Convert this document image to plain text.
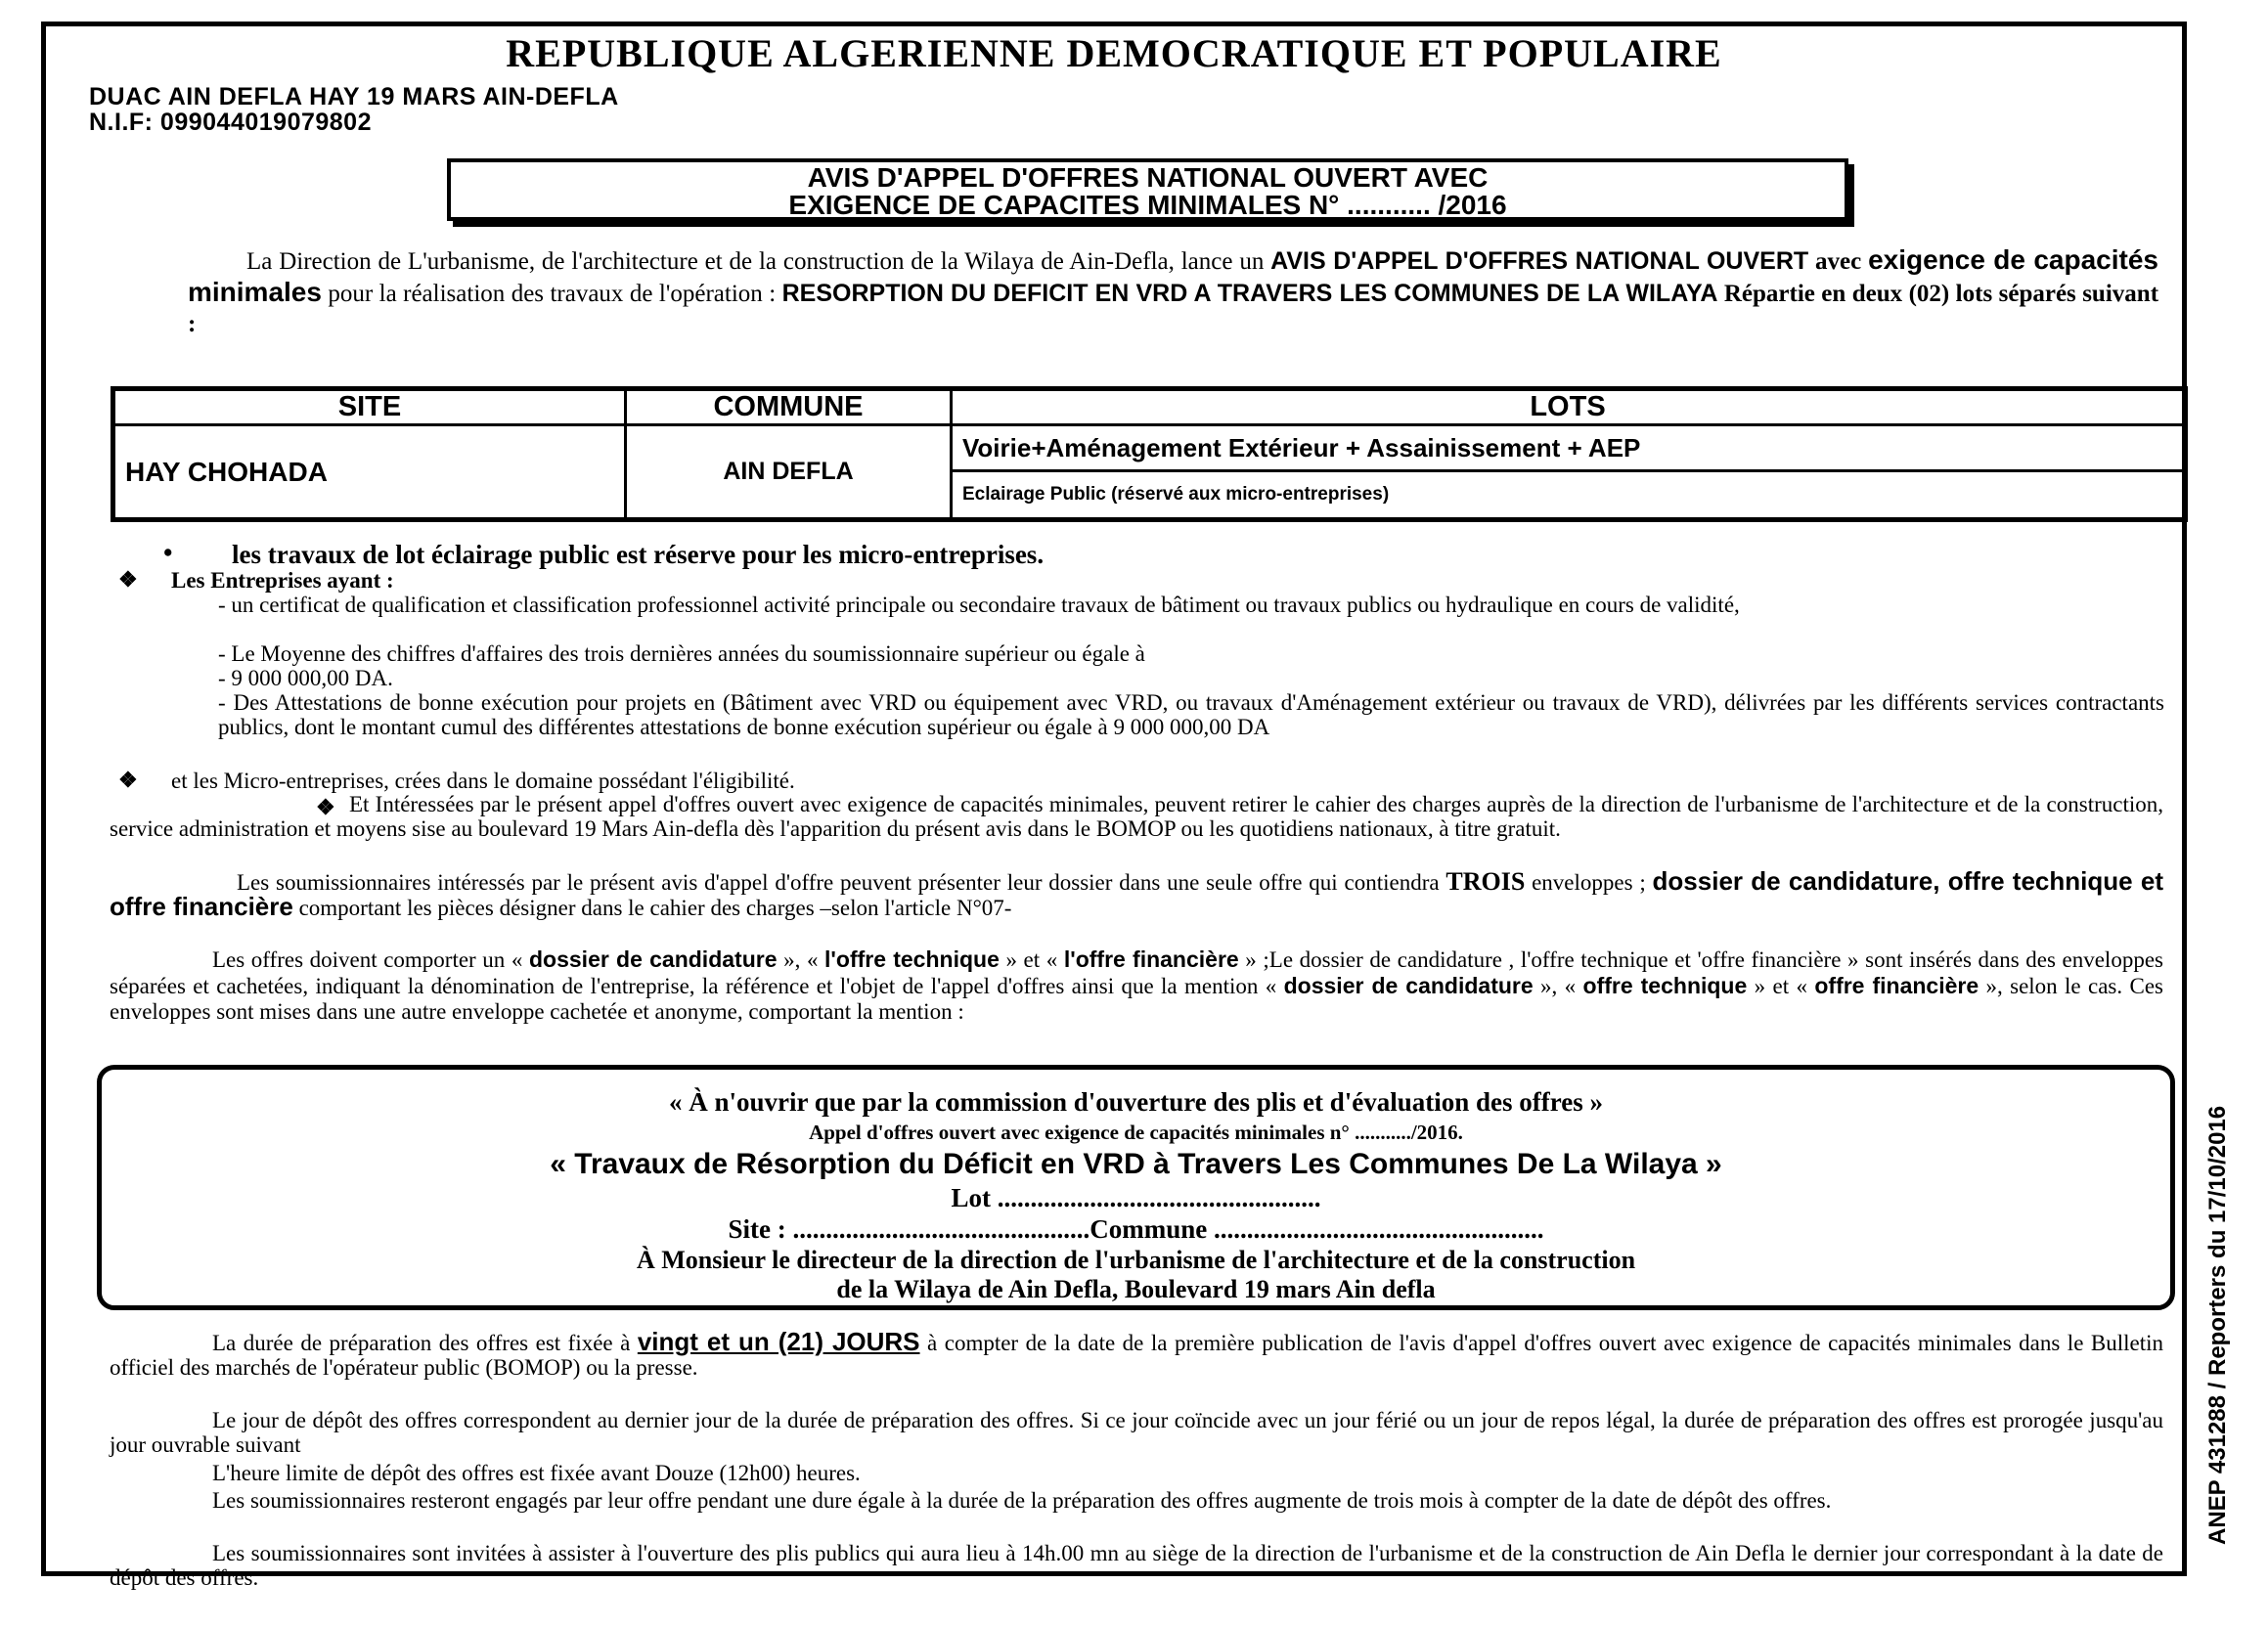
REPUBLIQUE ALGERIENNE DEMOCRATIQUE ET POPULAIRE
DUAC AIN DEFLA HAY 19 MARS AIN-DEFLA
N.I.F: 099044019079802
AVIS D'APPEL D'OFFRES NATIONAL OUVERT AVEC
EXIGENCE DE CAPACITES MINIMALES N° ........... /2016
La Direction de L'urbanisme, de l'architecture et de la construction de la Wilaya de Ain-Defla, lance un AVIS D'APPEL D'OFFRES NATIONAL OUVERT avec exigence de capacités minimales pour la réalisation des travaux de l'opération : RESORPTION DU DEFICIT EN VRD A TRAVERS LES COMMUNES DE LA WILAYA Répartie en deux (02) lots séparés suivant :
SITE	COMMUNE	LOTS
HAY CHOHADA	AIN DEFLA	Voirie+Aménagement Extérieur + Assainissement + AEP
		Eclairage Public (réservé aux micro-entreprises)
• les travaux de lot éclairage public est réserve pour les micro-entreprises.
❖ Les Entreprises ayant :
- un certificat de qualification et classification professionnel activité principale ou secondaire travaux de bâtiment ou travaux publics ou hydraulique en cours de validité,
- Le Moyenne des chiffres d'affaires des trois dernières années du soumissionnaire supérieur ou égale à
- 9 000 000,00 DA.
- Des Attestations de bonne exécution pour projets en (Bâtiment avec VRD ou équipement avec VRD, ou travaux d'Aménagement extérieur ou travaux de VRD), délivrées par les différents services contractants publics, dont le montant cumul des différentes attestations de bonne exécution supérieur ou égale à 9 000 000,00 DA
❖ et les Micro-entreprises, crées dans le domaine possédant l'éligibilité.
❖ Et Intéressées par le présent appel d'offres ouvert avec exigence de capacités minimales, peuvent retirer le cahier des charges auprès de la direction de l'urbanisme de l'architecture et de la construction, service administration et moyens sise au boulevard 19 Mars Ain-defla dès l'apparition du présent avis dans le BOMOP ou les quotidiens nationaux, à titre gratuit.
Les soumissionnaires intéressés par le présent avis d'appel d'offre peuvent présenter leur dossier dans une seule offre qui contiendra TROIS enveloppes ; dossier de candidature, offre technique et offre financière comportant les pièces désigner dans le cahier des charges –selon l'article N°07-
Les offres doivent comporter un « dossier de candidature », « l'offre technique » et « l'offre financière » ;Le dossier de candidature , l'offre technique et 'offre financière » sont insérés dans des enveloppes séparées et cachetées, indiquant la dénomination de l'entreprise, la référence et l'objet de l'appel d'offres ainsi que la mention « dossier de candidature », « offre technique » et « offre financière », selon le cas. Ces enveloppes sont mises dans une autre enveloppe cachetée et anonyme, comportant la mention :
« À n'ouvrir que par la commission d'ouverture des plis et d'évaluation des offres »
Appel d'offres ouvert avec exigence de capacités minimales n° .........../2016.
« Travaux de Résorption du Déficit en VRD à Travers Les Communes De La Wilaya »
Lot .................................................
Site : .............................................Commune ..................................................
À Monsieur le directeur de la direction de l'urbanisme de l'architecture et de la construction
de la Wilaya de Ain Defla, Boulevard 19 mars Ain defla
La durée de préparation des offres est fixée à vingt et un (21) JOURS à compter de la date de la première publication de l'avis d'appel d'offres ouvert avec exigence de capacités minimales dans le Bulletin officiel des marchés de l'opérateur public (BOMOP) ou la presse.
Le jour de dépôt des offres correspondent au dernier jour de la durée de préparation des offres. Si ce jour coïncide avec un jour férié ou un jour de repos légal, la durée de préparation des offres est prorogée jusqu'au jour ouvrable suivant
L'heure limite de dépôt des offres est fixée avant Douze (12h00) heures.
Les soumissionnaires resteront engagés par leur offre pendant une dure égale à la durée de la préparation des offres augmente de trois mois à compter de la date de dépôt des offres.
Les soumissionnaires sont invitées à assister à l'ouverture des plis publics qui aura lieu à 14h.00 mn au siège de la direction de l'urbanisme et de la construction de Ain Defla le dernier jour correspondant à la date de dépôt des offres.
ANEP 431288 / Reporters du 17/10/2016
